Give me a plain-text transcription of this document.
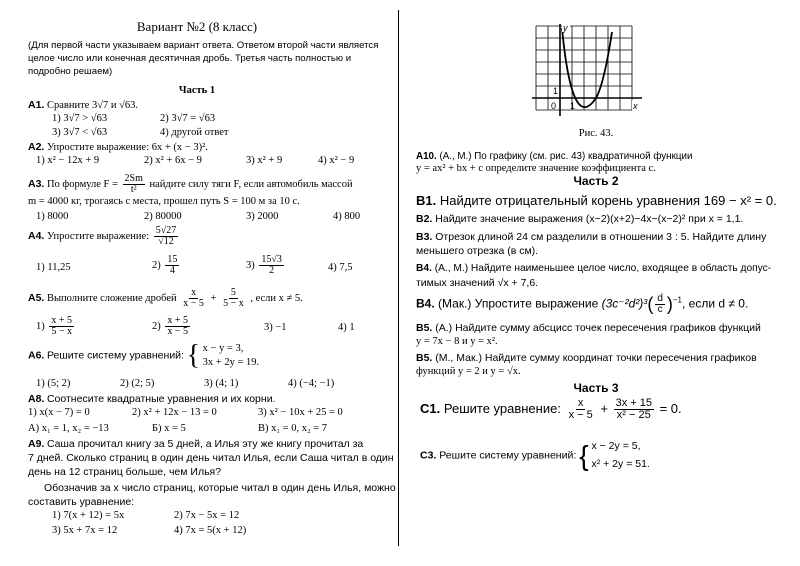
Вариант №2 (8 класс)
(Для первой части указываем вариант ответа. Ответом второй части является
целое число или конечная десятичная дробь. Третья часть полностью и
подробно решаем)
Часть 1
А1. Сравните 3√7 и √63.
1) 3√7 > √63	2) 3√7 = √63
3) 3√7 < √63	4) другой ответ
А2. Упростите выражение: 6x + (x − 3)².
1) x² − 12x + 9	2) x² + 6x − 9	3) x² + 9	4) x² − 9
А3. По формуле $F = \frac{2Sm}{\text{t²}}$ найдите силу тяги F, если автомобиль массой
m = 4000 кг, трогаясь с места, прошел путь S = 100 м за 10 с.
1) 8000	2) 80000	3) 2000	4) 800
А4. Упростите выражение: $\frac{5√27}{√12}$
1) 11,25	$2) \frac{15}{4}$	$3) \frac{15√3}{2}$	4) 7,5
А5. Выполните сложение дробей $\frac{x}{x - 5} + \frac{5}{5 - x}$ , если x ≠ 5.
$1) \frac{x + 5}{5 - x}$	$2) \frac{x + 5}{x - 5}$	3) −1	4) 1
А6. Решите систему уравнений: { x − y = 3,
3x + 2y = 19.
1) (5; 2)	2) (2; 5)	3) (4; 1)	4) (−4; −1)
А8. Соотнесите квадратные уравнения и их корни.
1) x(x − 7) = 0	2) x² + 12x − 13 = 0	3) x² − 10x + 25 = 0
А) x₁ = 1, x₂ = −13	Б) x = 5	В) x₁ = 0, x₂ = 7
А9. Саша прочитал книгу за 5 дней, а Илья эту же книгу прочитал за
7 дней. Сколько страниц в один день читал Илья, если Саша читал в один
день на 12 страниц больше, чем Илья?
Обозначив за x число страниц, которые читал в один день Илья, можно
составить уравнение:
1) 7(x + 12) = 5x	2) 7x − 5x = 12
3) 5x + 7x = 12	4) 7x = 5(x + 12)
y
x
0 1
1
Рис. 43.
А10. (А., М.) По графику (см. рис. 43) квадратичной функции
y = ax² + bx + c определите значение коэффициента c.
Часть 2
В1. Найдите отрицательный корень уравнения 169 − x² = 0.
В2. Найдите значение выражения (x−2)(x+2)−4x−(x−2)² при x = 1,1.
В3. Отрезок длиной 24 см разделили в отношении 3 : 5. Найдите длину
меньшего отрезка (в см).
В4. (А., М.) Найдите наименьшее целое число, входящее в область допус-
тимых значений √x + 7,6.
В4. (Мак.) Упростите выражение $(3c^{-2}d^2)^3( \frac{d}{c} )^{-1}$, если d ≠ 0.
В5. (А.) Найдите сумму абсцисс точек пересечения графиков функций
y = 7x − 8 и y = x².
В5. (М., Мак.) Найдите сумму координат точки пересечения графиков
функций y = 2 и y = √x.
Часть 3
С1. Решите уравнение: $\frac{x}{x - 5} + \frac{3x + 15}{\text{x² − 25}} = 0$.
С3. Решите систему уравнений: { x − 2y = 5,
x² + 2y = 51.
